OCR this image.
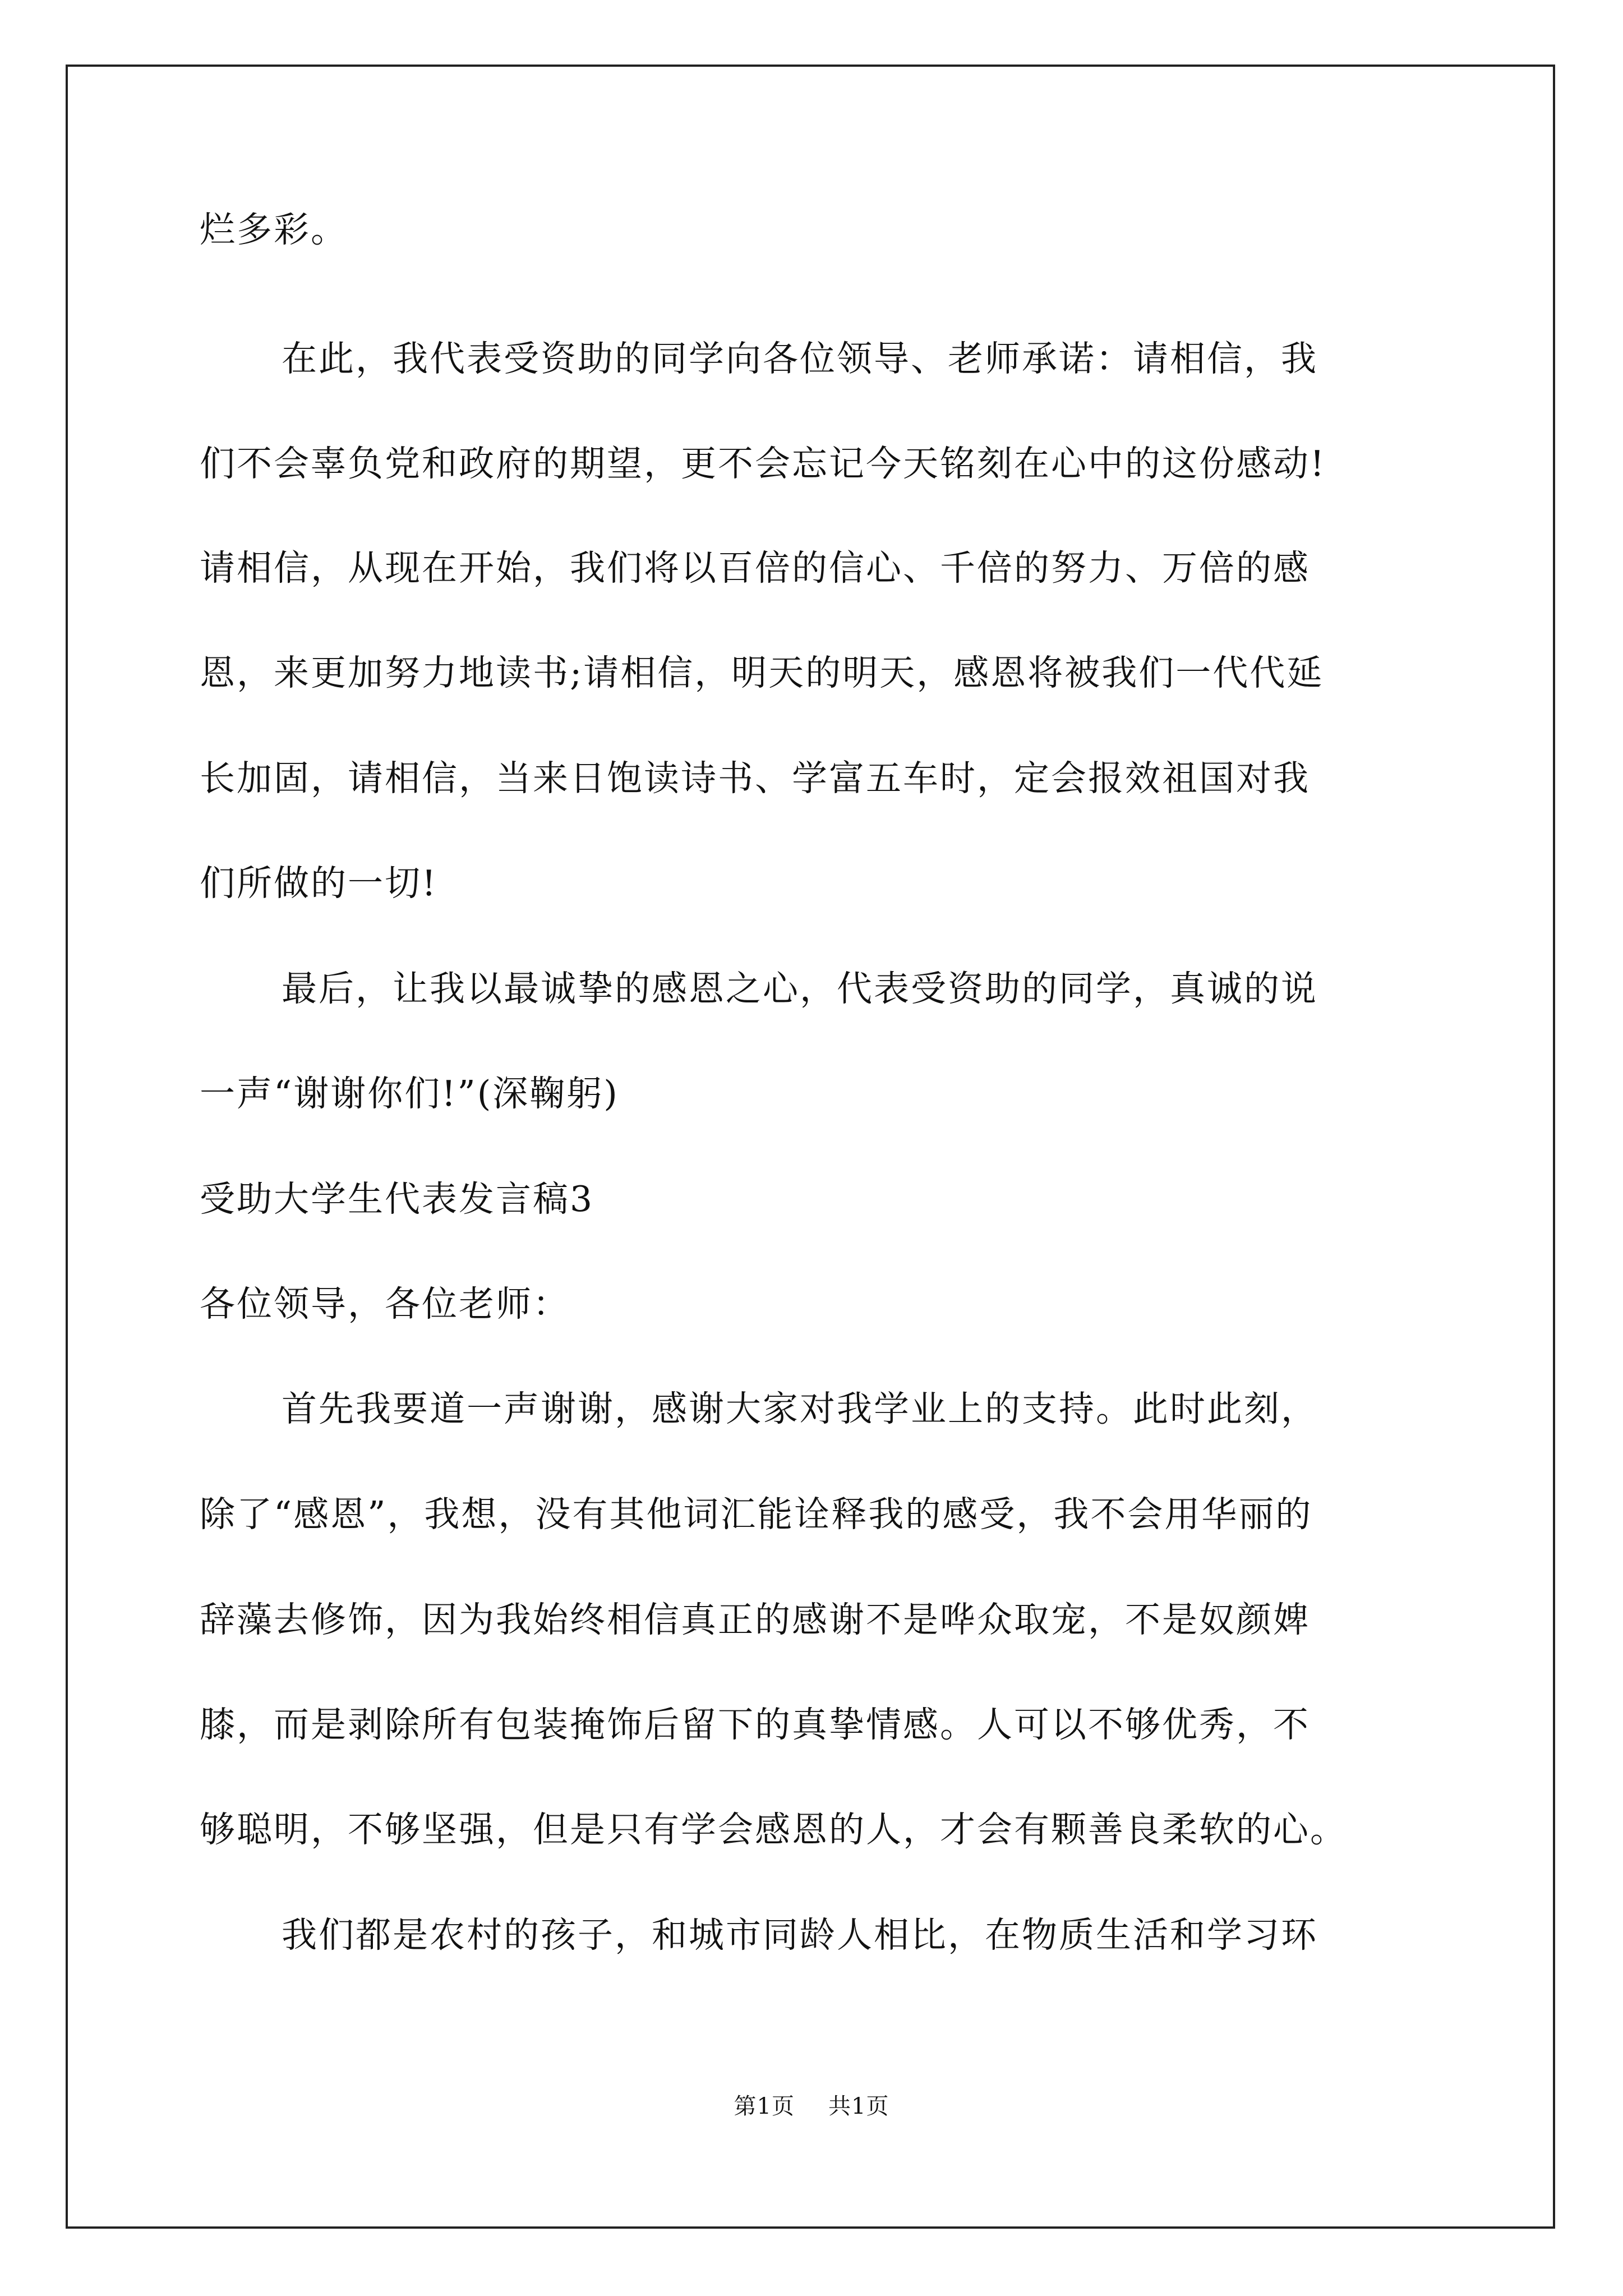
烂多彩。
在此，我代表受资助的同学向各位领导、老师承诺：请相信，我
们不会辜负党和政府的期望，更不会忘记今天铭刻在心中的这份感动!
请相信，从现在开始，我们将以百倍的信心、千倍的努力、万倍的感
恩，来更加努力地读书;请相信，明天的明天，感恩将被我们一代代延
长加固，请相信，当来日饱读诗书、学富五车时，定会报效祖国对我
们所做的一切!
最后，让我以最诚挚的感恩之心，代表受资助的同学，真诚的说
一声“谢谢你们!”(深鞠躬)
受助大学生代表发言稿3
各位领导，各位老师：
首先我要道一声谢谢，感谢大家对我学业上的支持。此时此刻，
除了“感恩”，我想，没有其他词汇能诠释我的感受，我不会用华丽的
辞藻去修饰，因为我始终相信真正的感谢不是哗众取宠，不是奴颜婢
膝，而是剥除所有包装掩饰后留下的真挚情感。人可以不够优秀，不
够聪明，不够坚强，但是只有学会感恩的人，才会有颗善良柔软的心。
我们都是农村的孩子，和城市同龄人相比，在物质生活和学习环
第1页 共1页
